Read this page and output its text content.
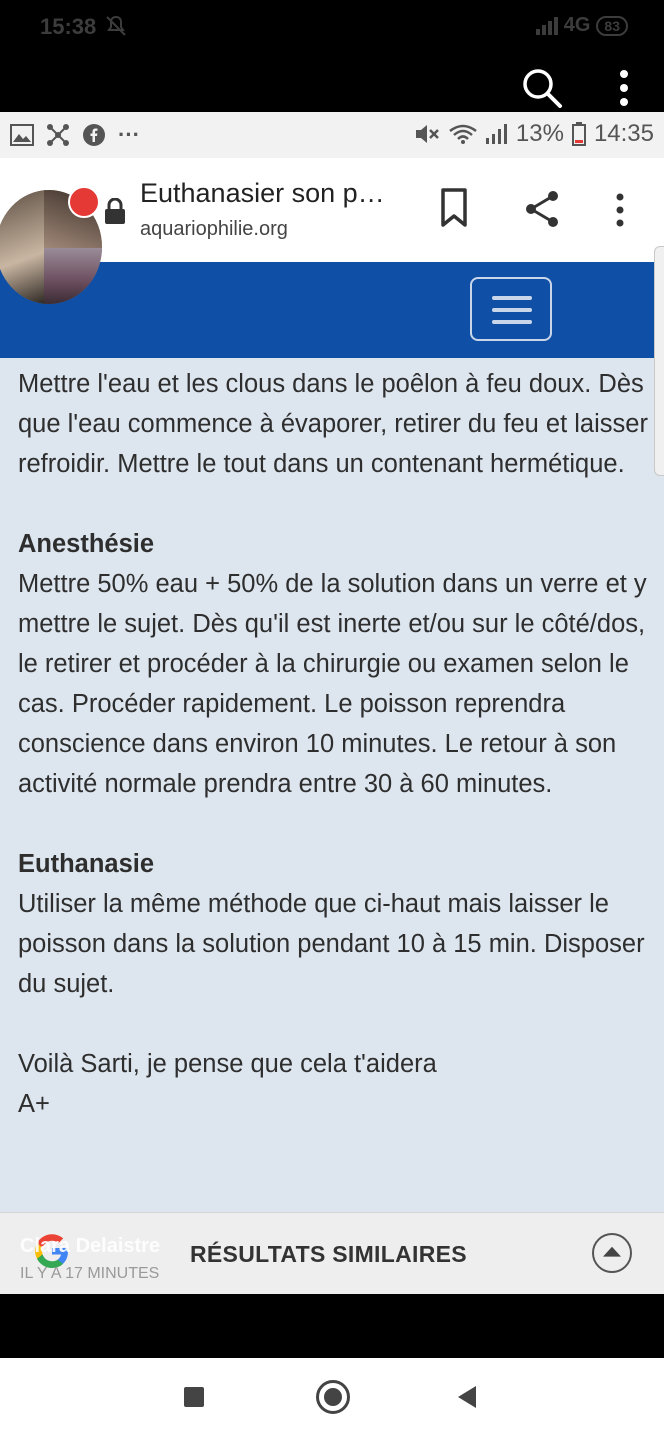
15:38	4G	83
···	13% 14:35
Euthanasier son p…
aquariophilie.org

Mettre l'eau et les clous dans le poêlon à feu doux. Dès que l'eau commence à évaporer, retirer du feu et laisser refroidir. Mettre le tout dans un contenant hermétique.

Anesthésie

Mettre 50% eau + 50% de la solution dans un verre et y mettre le sujet. Dès qu'il est inerte et/ou sur le côté/dos, le retirer et procéder à la chirurgie ou examen selon le cas. Procéder rapidement. Le poisson reprendra conscience dans environ 10 minutes. Le retour à son activité normale prendra entre 30 à 60 minutes.

Euthanasie

Utiliser la même méthode que ci-haut mais laisser le poisson dans la solution pendant 10 à 15 min. Disposer du sujet.

Voilà Sarti, je pense que cela t'aidera

A+

Clara Delaistre
IL Y A 17 MINUTES
RÉSULTATS SIMILAIRES
